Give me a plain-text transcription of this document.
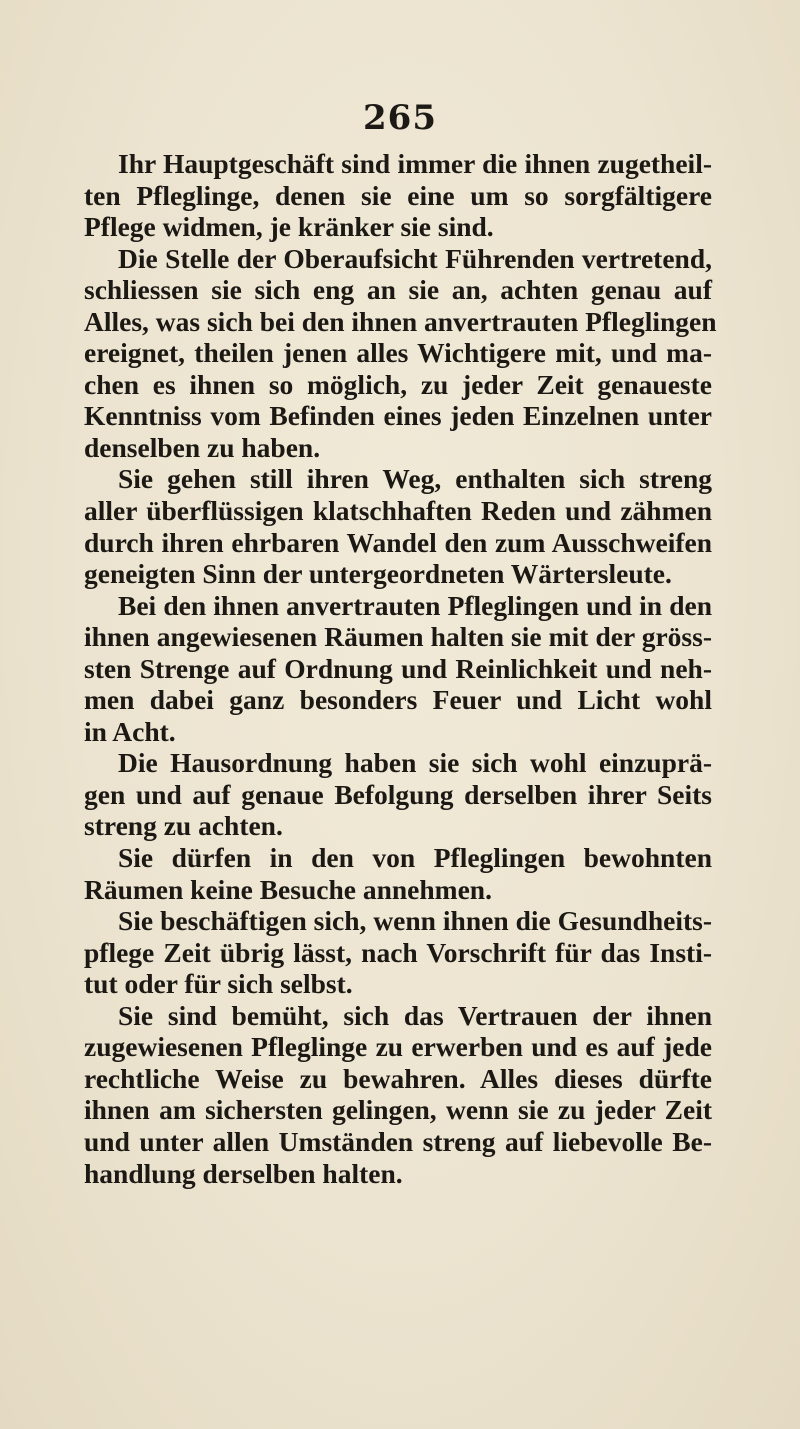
265
Ihr Hauptgeschäft sind immer die ihnen zugetheil-
ten Pfleglinge, denen sie eine um so sorgfältigere
Pflege widmen, je kränker sie sind.
Die Stelle der Oberaufsicht Führenden vertretend,
schliessen sie sich eng an sie an, achten genau auf
Alles, was sich bei den ihnen anvertrauten Pfleglingen
ereignet, theilen jenen alles Wichtigere mit, und ma-
chen es ihnen so möglich, zu jeder Zeit genaueste
Kenntniss vom Befinden eines jeden Einzelnen unter
denselben zu haben.
Sie gehen still ihren Weg, enthalten sich streng
aller überflüssigen klatschhaften Reden und zähmen
durch ihren ehrbaren Wandel den zum Ausschweifen
geneigten Sinn der untergeordneten Wärtersleute.
Bei den ihnen anvertrauten Pfleglingen und in den
ihnen angewiesenen Räumen halten sie mit der gröss-
sten Strenge auf Ordnung und Reinlichkeit und neh-
men dabei ganz besonders Feuer und Licht wohl
in Acht.
Die Hausordnung haben sie sich wohl einzuprä-
gen und auf genaue Befolgung derselben ihrer Seits
streng zu achten.
Sie dürfen in den von Pfleglingen bewohnten
Räumen keine Besuche annehmen.
Sie beschäftigen sich, wenn ihnen die Gesundheits-
pflege Zeit übrig lässt, nach Vorschrift für das Insti-
tut oder für sich selbst.
Sie sind bemüht, sich das Vertrauen der ihnen
zugewiesenen Pfleglinge zu erwerben und es auf jede
rechtliche Weise zu bewahren. Alles dieses dürfte
ihnen am sichersten gelingen, wenn sie zu jeder Zeit
und unter allen Umständen streng auf liebevolle Be-
handlung derselben halten.
